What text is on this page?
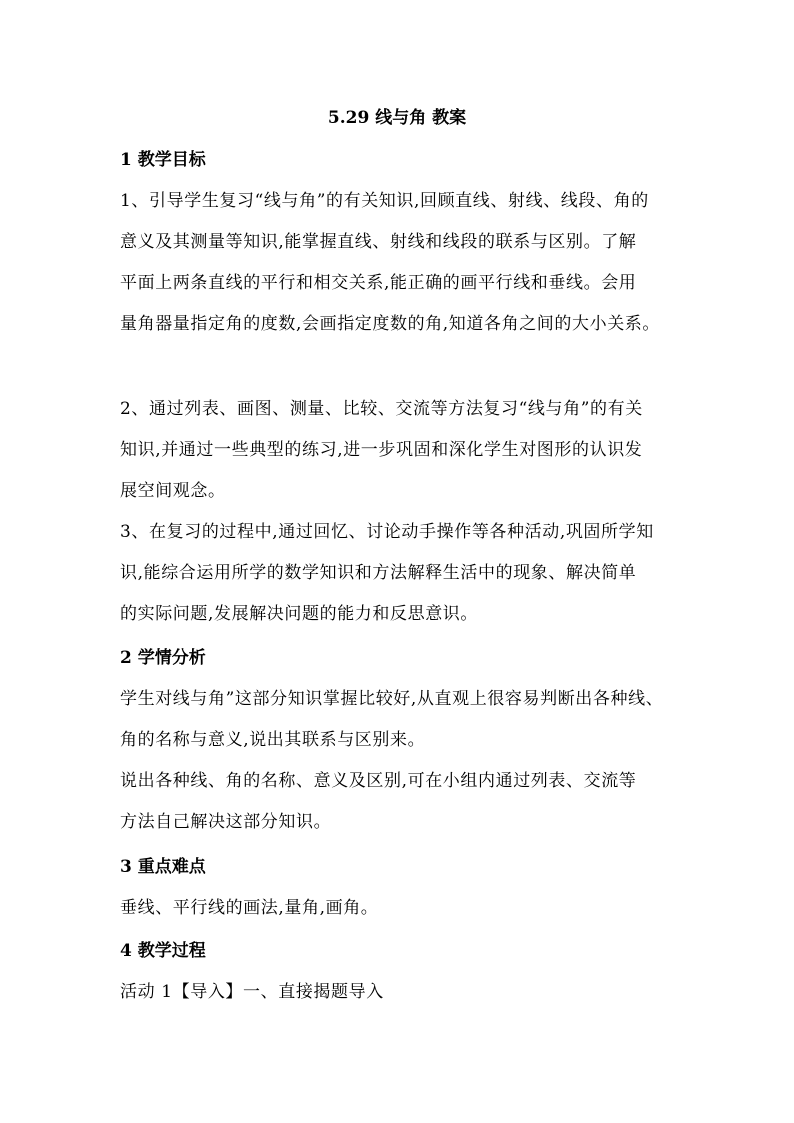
5.29 线与角 教案
1 教学目标
1、引导学生复习“线与角”的有关知识,回顾直线、射线、线段、角的
意义及其测量等知识,能掌握直线、射线和线段的联系与区别。了解
平面上两条直线的平行和相交关系,能正确的画平行线和垂线。会用
量角器量指定角的度数,会画指定度数的角,知道各角之间的大小关系。
2、通过列表、画图、测量、比较、交流等方法复习“线与角”的有关
知识,并通过一些典型的练习,进一步巩固和深化学生对图形的认识发
展空间观念。
3、在复习的过程中,通过回忆、讨论动手操作等各种活动,巩固所学知
识,能综合运用所学的数学知识和方法解释生活中的现象、解决简单
的实际问题,发展解决问题的能力和反思意识。
2 学情分析
学生对线与角”这部分知识掌握比较好,从直观上很容易判断出各种线、
角的名称与意义,说出其联系与区别来。
说出各种线、角的名称、意义及区别,可在小组内通过列表、交流等
方法自己解决这部分知识。
3 重点难点
垂线、平行线的画法,量角,画角。
4 教学过程
活动 1【导入】一、直接揭题导入
